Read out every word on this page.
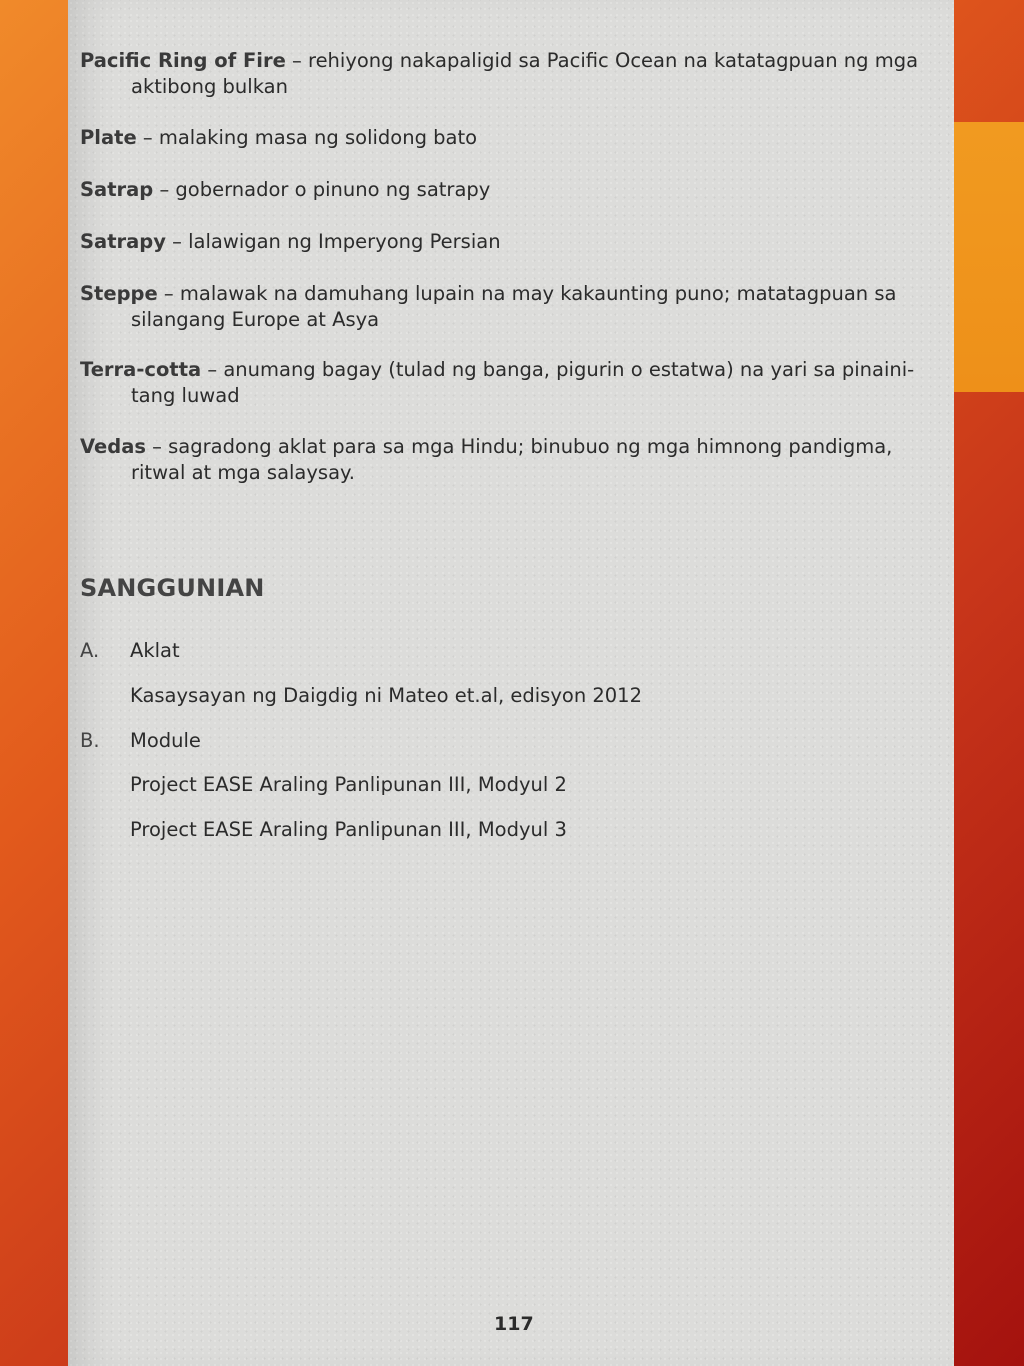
Pacific Ring of Fire – rehiyong nakapaligid sa Pacific Ocean na katatagpuan ng mga
aktibong bulkan
Plate – malaking masa ng solidong bato
Satrap – gobernador o pinuno ng satrapy
Satrapy – lalawigan ng Imperyong Persian
Steppe – malawak na damuhang lupain na may kakaunting puno; matatagpuan sa
silangang Europe at Asya
Terra-cotta – anumang bagay (tulad ng banga, pigurin o estatwa) na yari sa pinaini-
tang luwad
Vedas – sagradong aklat para sa mga Hindu; binubuo ng mga himnong pandigma,
ritwal at mga salaysay.
SANGGUNIAN
A. Aklat
Kasaysayan ng Daigdig ni Mateo et.al, edisyon 2012
B. Module
Project EASE Araling Panlipunan III, Modyul 2
Project EASE Araling Panlipunan III, Modyul 3
117
